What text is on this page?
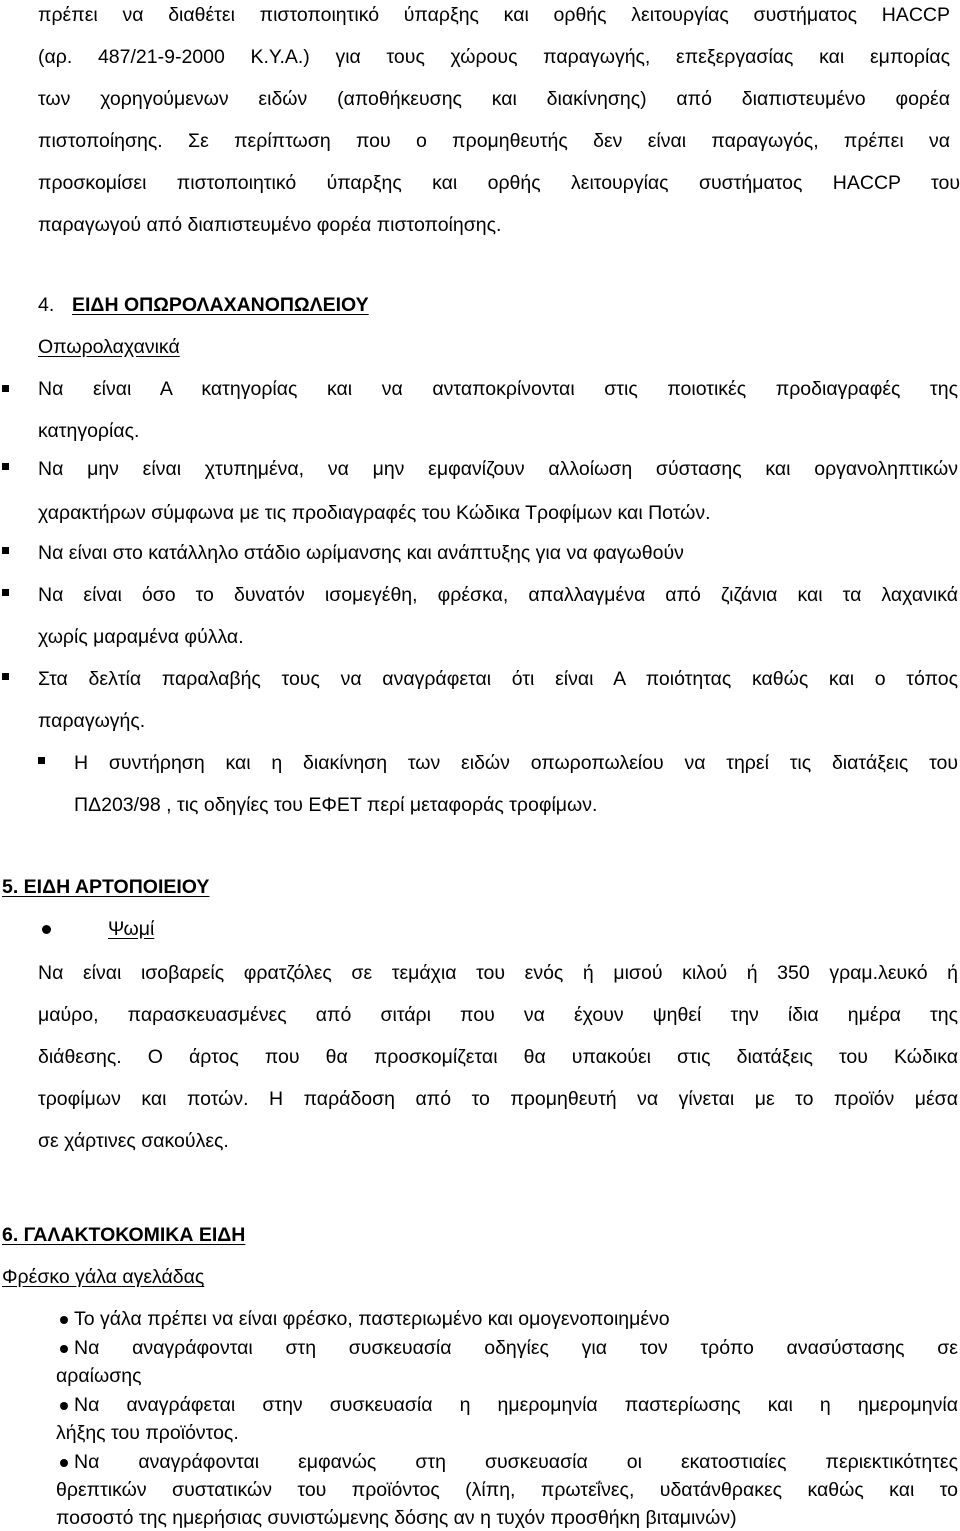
πρέπει να διαθέτει πιστοποιητικό ύπαρξης και ορθής λειτουργίας συστήματος HACCP
(αρ. 487/21-9-2000 Κ.Υ.Α.) για τους χώρους παραγωγής, επεξεργασίας και εμπορίας
των χορηγούμενων ειδών (αποθήκευσης και διακίνησης) από διαπιστευμένο φορέα
πιστοποίησης. Σε περίπτωση που ο προμηθευτής δεν είναι παραγωγός, πρέπει να
προσκομίσει πιστοποιητικό ύπαρξης και ορθής λειτουργίας συστήματος HACCP του
παραγωγού από διαπιστευμένο φορέα πιστοποίησης.
4. ΕΙΔΗ ΟΠΩΡΟΛΑΧΑΝΟΠΩΛΕΙΟΥ
Οπωρολαχανικά
Να είναι Α κατηγορίας και να ανταποκρίνονται στις ποιοτικές προδιαγραφές της
κατηγορίας.
Να μην είναι χτυπημένα, να μην εμφανίζουν αλλοίωση σύστασης και οργανοληπτικών
χαρακτήρων σύμφωνα με τις προδιαγραφές του Κώδικα Τροφίμων και Ποτών.
Να είναι στο κατάλληλο στάδιο ωρίμανσης και ανάπτυξης για να φαγωθούν
Να είναι όσο το δυνατόν ισομεγέθη, φρέσκα, απαλλαγμένα από ζιζάνια και τα λαχανικά
χωρίς μαραμένα φύλλα.
Στα δελτία παραλαβής τους να αναγράφεται ότι είναι Α ποιότητας καθώς και ο τόπος
παραγωγής.
Η συντήρηση και η διακίνηση των ειδών οπωροπωλείου να τηρεί τις διατάξεις του
ΠΔ203/98 , τις οδηγίες του ΕΦΕΤ περί μεταφοράς τροφίμων.
5. ΕΙΔΗ ΑΡΤΟΠΟΙΕΙΟΥ
Ψωμί
Να είναι ισοβαρείς φρατζόλες σε τεμάχια του ενός ή μισού κιλού ή 350 γραμ.λευκό ή
μαύρο, παρασκευασμένες από σιτάρι που να έχουν ψηθεί την ίδια ημέρα της
διάθεσης. Ο άρτος που θα προσκομίζεται θα υπακούει στις διατάξεις του Κώδικα
τροφίμων και ποτών. Η παράδοση από το προμηθευτή να γίνεται με το προϊόν μέσα
σε χάρτινες σακούλες.
6. ΓΑΛΑΚΤΟΚΟΜΙΚΑ ΕΙΔΗ
Φρέσκο γάλα αγελάδας
Το γάλα πρέπει να είναι φρέσκο, παστεριωμένο και ομογενοποιημένο
Να αναγράφονται στη συσκευασία οδηγίες για τον τρόπο ανασύστασης σε
αραίωσης
Να αναγράφεται στην συσκευασία η ημερομηνία παστερίωσης και η ημερομηνία
λήξης του προϊόντος.
Να αναγράφονται εμφανώς στη συσκευασία οι εκατοστιαίες περιεκτικότητες
θρεπτικών συστατικών του προϊόντος (λίπη, πρωτεΐνες, υδατάνθρακες καθώς και το
ποσοστό της ημερήσιας συνιστώμενης δόσης αν η τυχόν προσθήκη βιταμινών)
